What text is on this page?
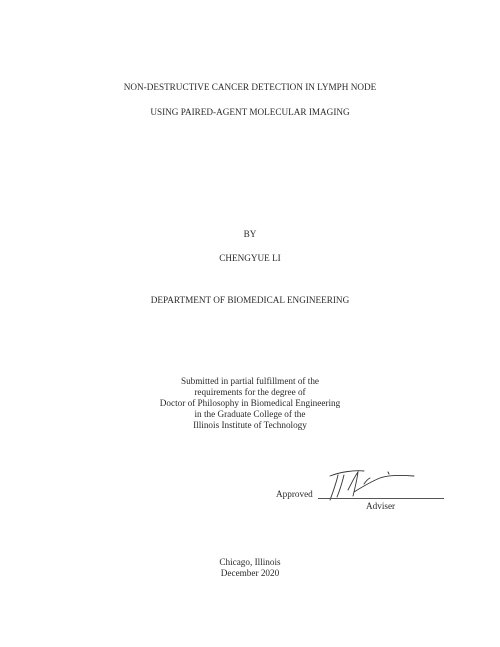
NON-DESTRUCTIVE CANCER DETECTION IN LYMPH NODE
USING PAIRED-AGENT MOLECULAR IMAGING
BY
CHENGYUE LI
DEPARTMENT OF BIOMEDICAL ENGINEERING
Submitted in partial fulfillment of the
requirements for the degree of
Doctor of Philosophy in Biomedical Engineering
in the Graduate College of the
Illinois Institute of Technology
Approved
Adviser
Chicago, Illinois
December 2020
